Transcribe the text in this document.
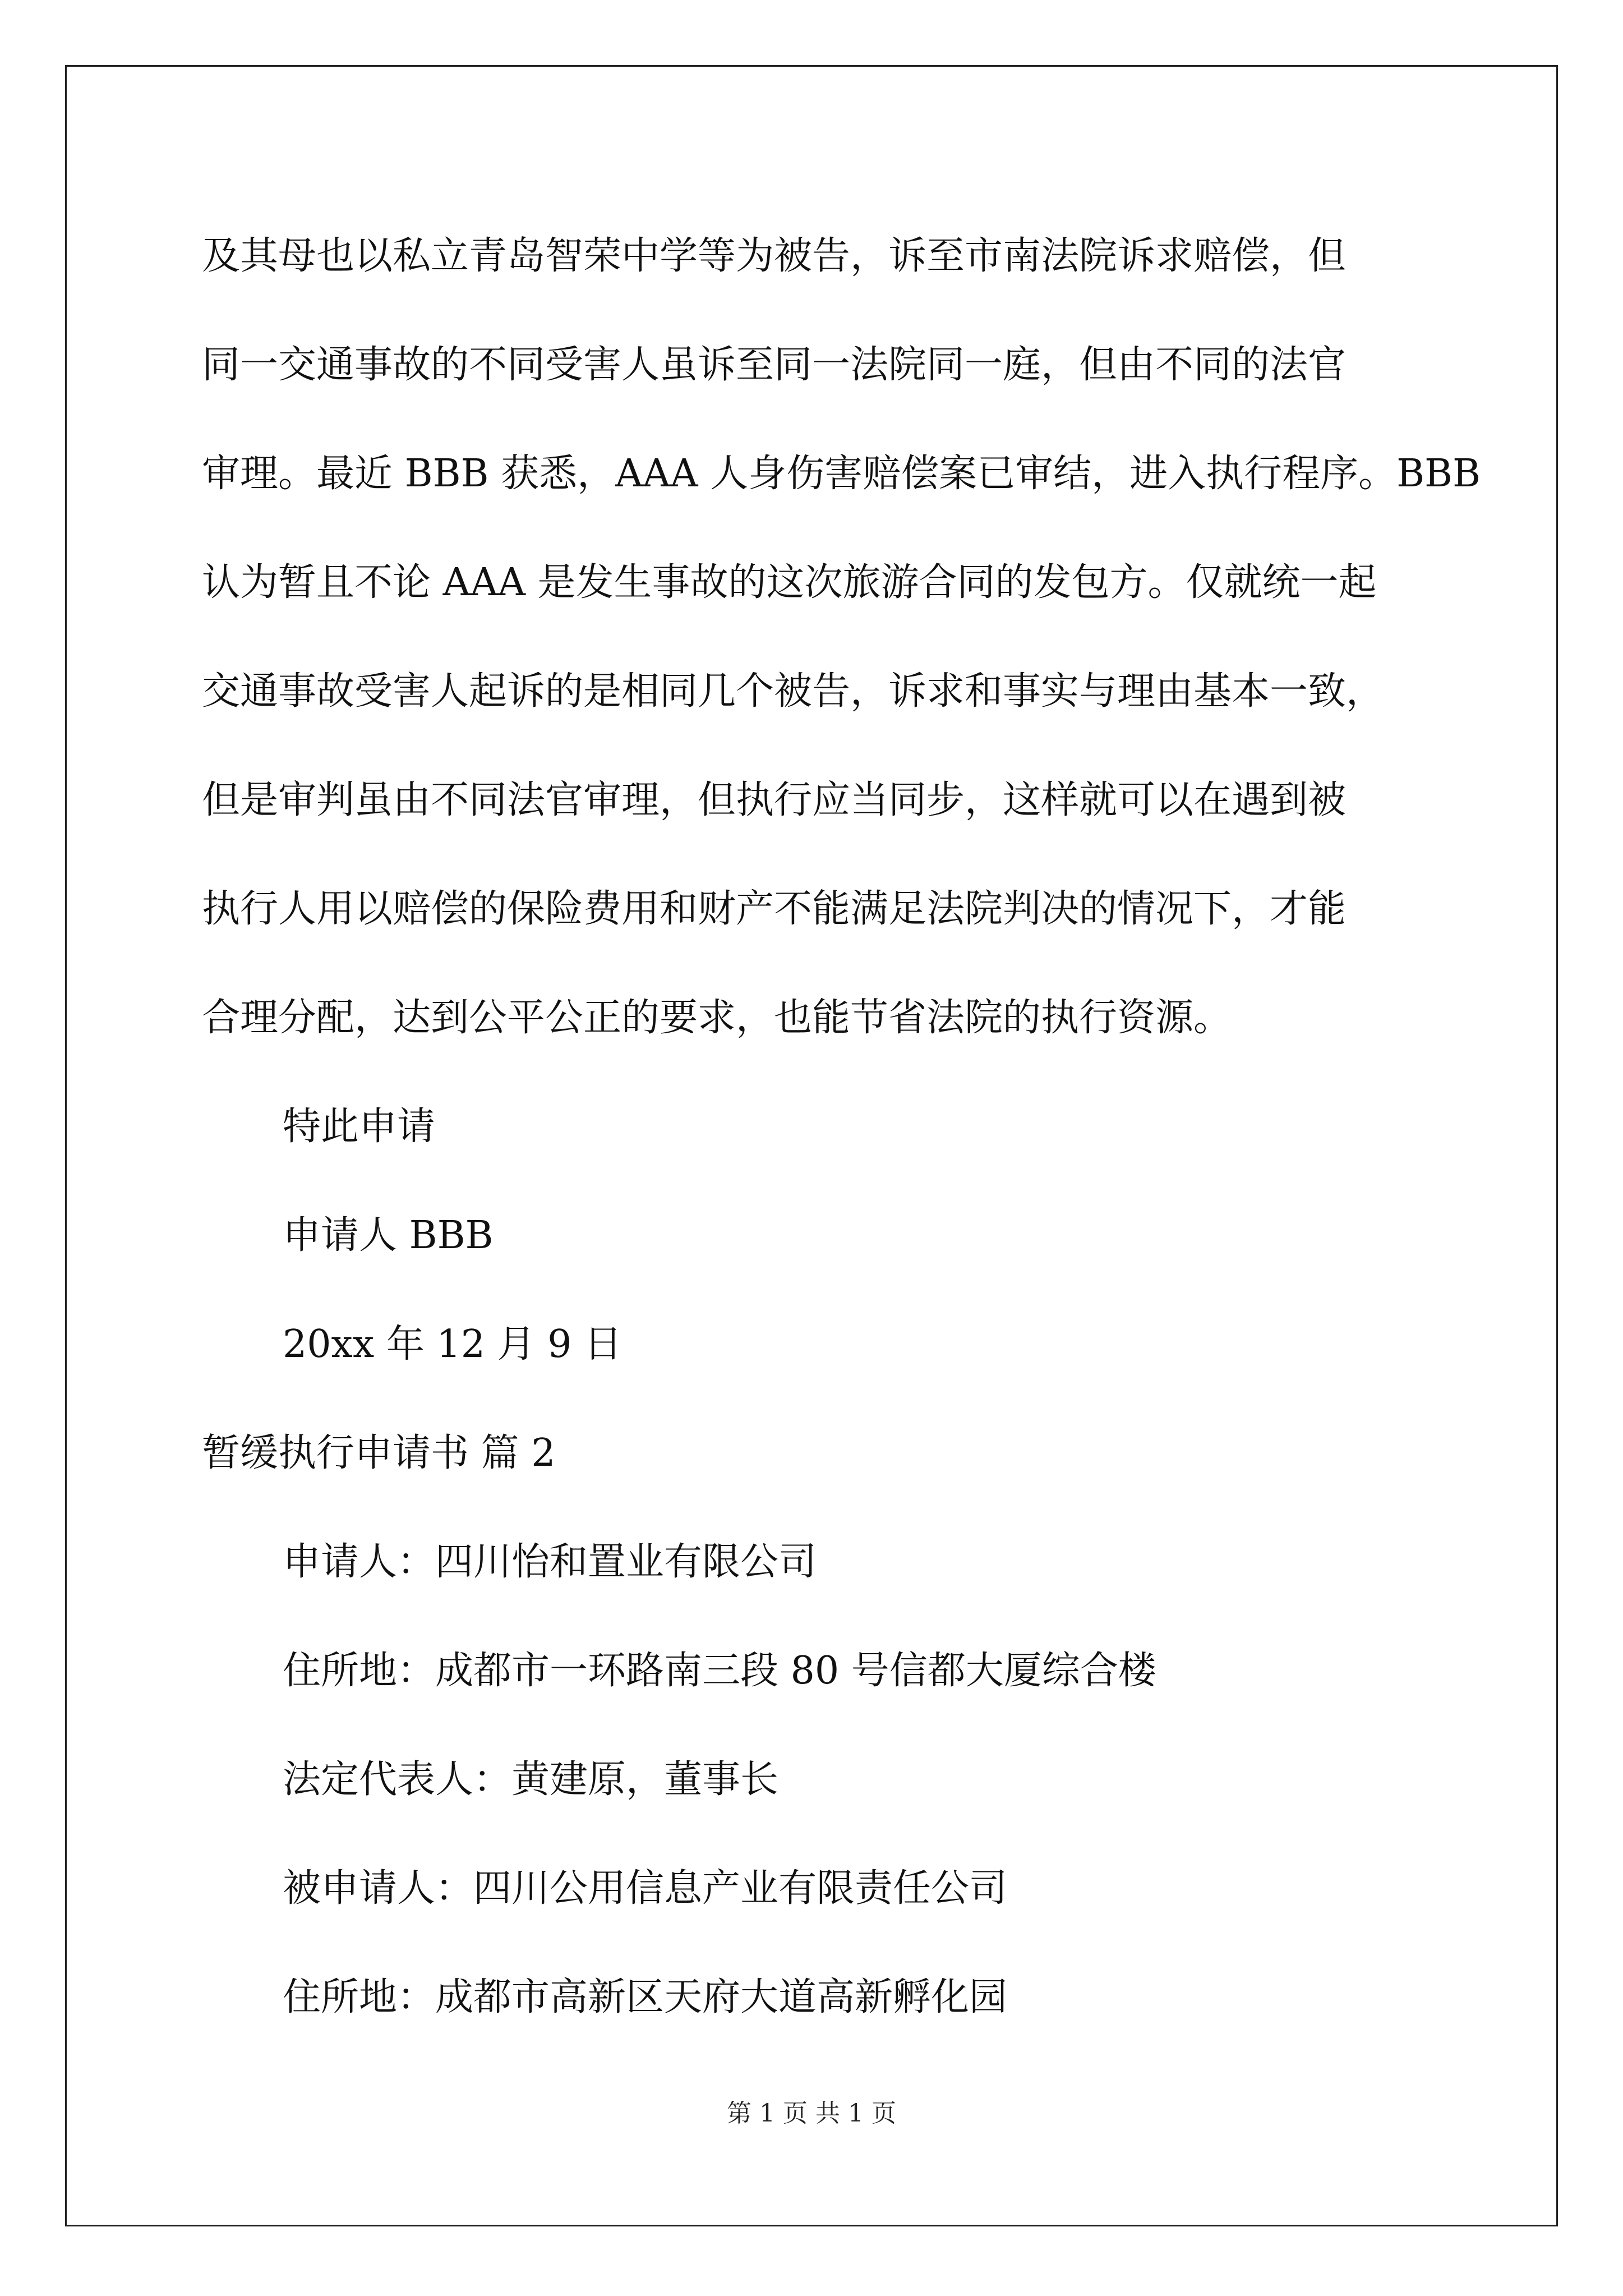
及其母也以私立青岛智荣中学等为被告，诉至市南法院诉求赔偿，但
同一交通事故的不同受害人虽诉至同一法院同一庭，但由不同的法官
审理。最近 BBB 获悉，AAA 人身伤害赔偿案已审结，进入执行程序。BBB
认为暂且不论 AAA 是发生事故的这次旅游合同的发包方。仅就统一起
交通事故受害人起诉的是相同几个被告，诉求和事实与理由基本一致，
但是审判虽由不同法官审理，但执行应当同步，这样就可以在遇到被
执行人用以赔偿的保险费用和财产不能满足法院判决的情况下，才能
合理分配，达到公平公正的要求，也能节省法院的执行资源。
特此申请
申请人 BBB
20xx 年 12 月 9 日
暂缓执行申请书 篇 2
申请人：四川怡和置业有限公司
住所地：成都市一环路南三段 80 号信都大厦综合楼
法定代表人：黄建原，董事长
被申请人：四川公用信息产业有限责任公司
住所地：成都市高新区天府大道高新孵化园
第 1 页 共 1 页
